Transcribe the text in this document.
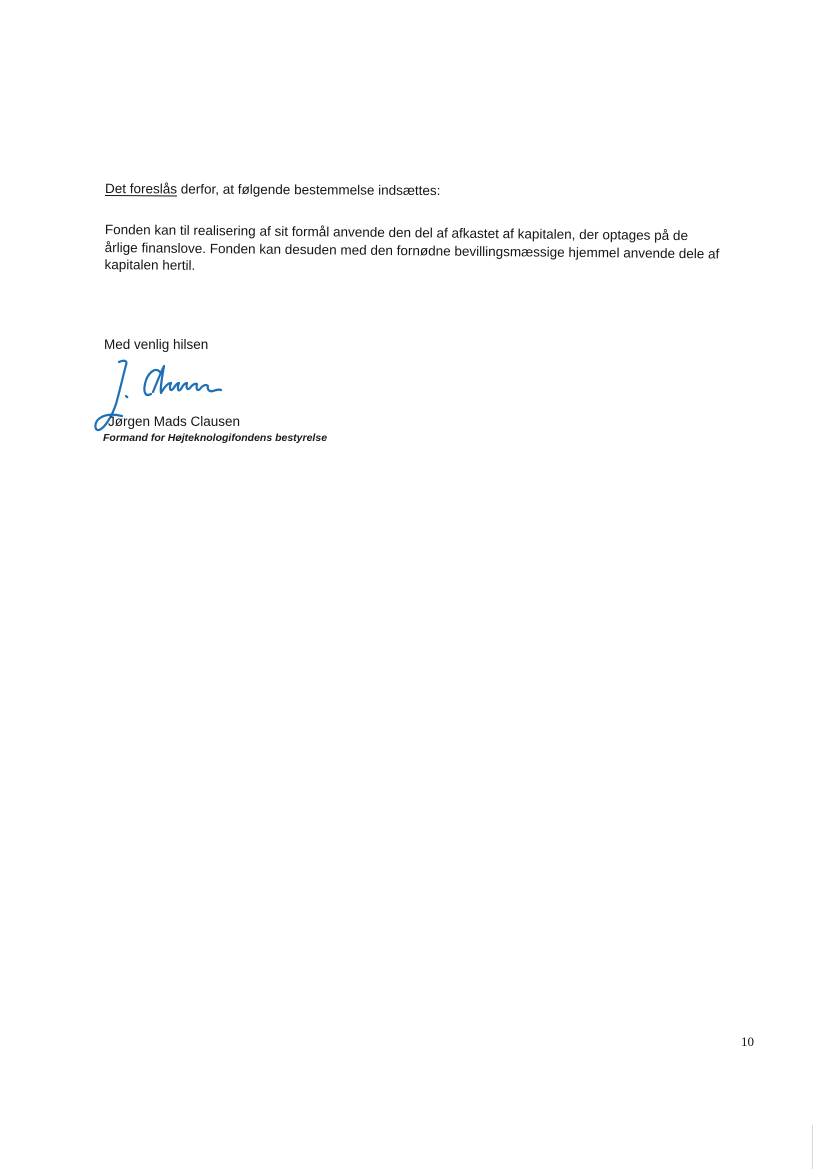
Det foreslås derfor, at følgende bestemmelse indsættes:
Fonden kan til realisering af sit formål anvende den del af afkastet af kapitalen, der optages på de
årlige finanslove. Fonden kan desuden med den fornødne bevillingsmæssige hjemmel anvende dele af
kapitalen hertil.
Med venlig hilsen
Jørgen Mads Clausen
Formand for Højteknologifondens bestyrelse
10
